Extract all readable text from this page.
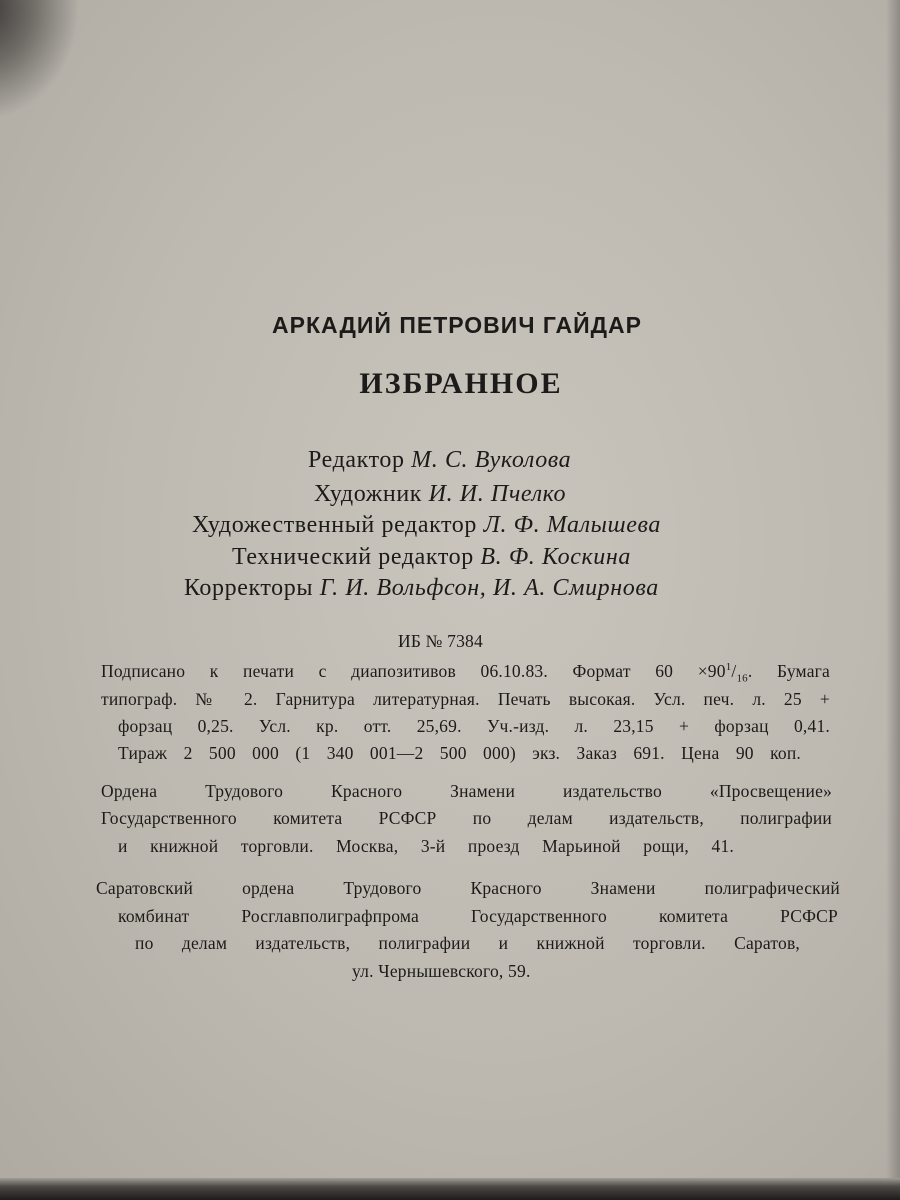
АРКАДИЙ ПЕТРОВИЧ ГАЙДАР
ИЗБРАННОЕ
Редактор М. С. Вуколова
Художник И. И. Пчелко
Художественный редактор Л. Ф. Малышева
Технический редактор В. Ф. Коскина
Корректоры Г. И. Вольфсон, И. А. Смирнова
ИБ № 7384
Подписано к печати с диапозитивов 06.10.83. Формат $60 \times 90^1/_{16}$. Бумага
типограф. № 2. Гарнитура литературная. Печать высокая. Усл. печ. л. 25 +
форзац 0,25. Усл. кр. отт. 25,69. Уч.-изд. л. 23,15 + форзац 0,41.
Тираж 2 500 000 (1 340 001—2 500 000) экз. Заказ 691. Цена 90 коп.
Ордена Трудового Красного Знамени издательство «Просвещение»
Государственного комитета РСФСР по делам издательств, полиграфии
и книжной торговли. Москва, 3-й проезд Марьиной рощи, 41.
Саратовский ордена Трудового Красного Знамени полиграфический
комбинат Росглавполиграфпрома Государственного комитета РСФСР
по делам издательств, полиграфии и книжной торговли. Саратов,
ул. Чернышевского, 59.
